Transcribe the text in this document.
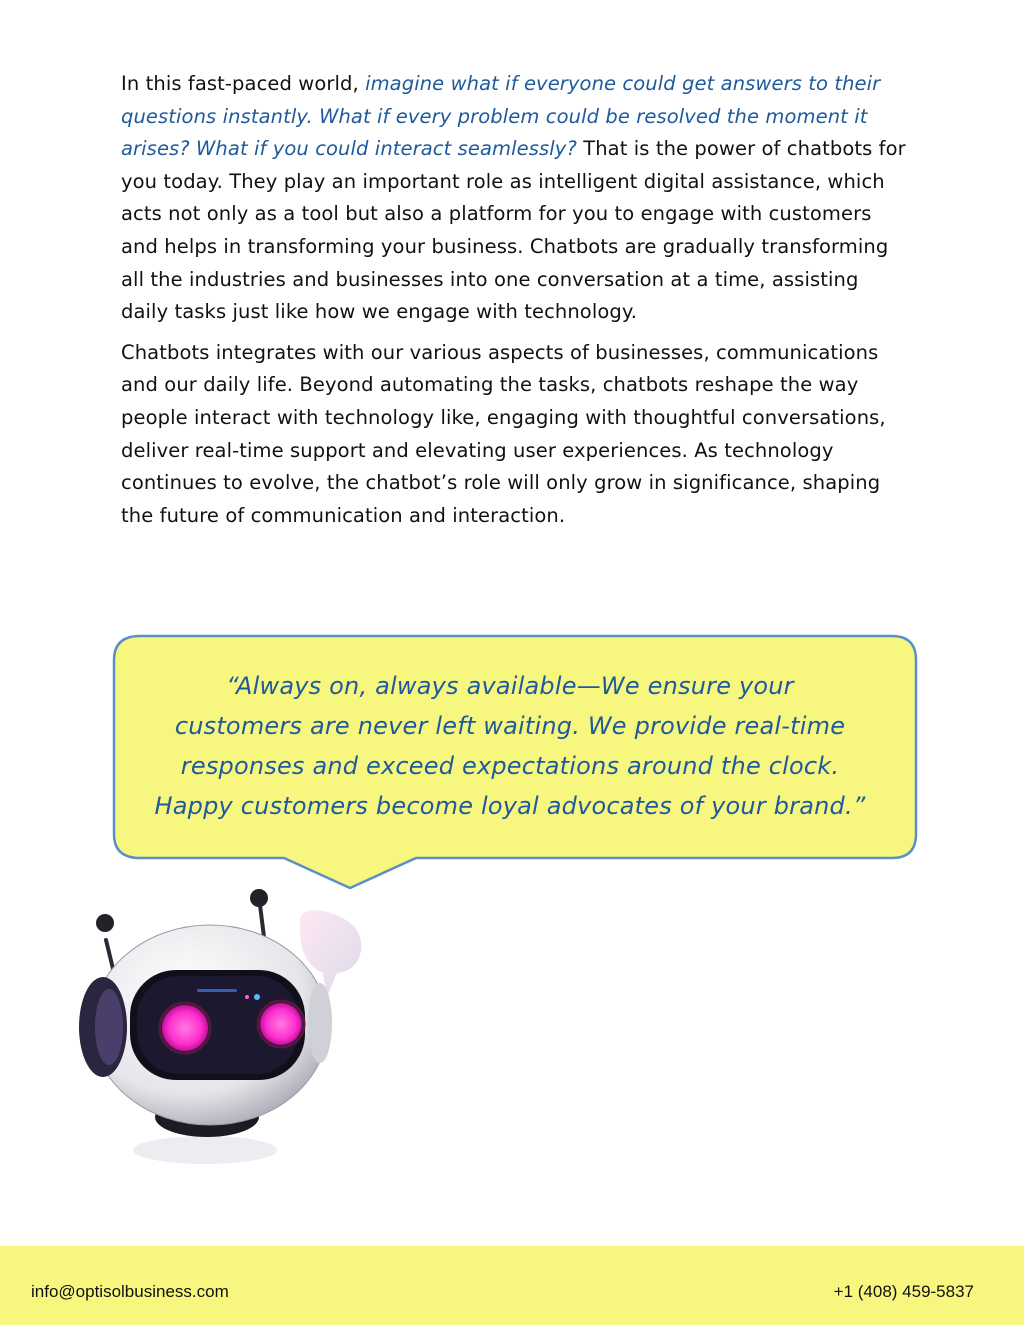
In this fast-paced world, imagine what if everyone could get answers to their questions instantly. What if every problem could be resolved the moment it arises? What if you could interact seamlessly? That is the power of chatbots for you today. They play an important role as intelligent digital assistance, which acts not only as a tool but also a platform for you to engage with customers and helps in transforming your business. Chatbots are gradually transforming all the industries and businesses into one conversation at a time, assisting daily tasks just like how we engage with technology.

Chatbots integrates with our various aspects of businesses, communications and our daily life. Beyond automating the tasks, chatbots reshape the way people interact with technology like, engaging with thoughtful conversations, deliver real-time support and elevating user experiences. As technology continues to evolve, the chatbot’s role will only grow in significance, shaping the future of communication and interaction.

“Always on, always available—We ensure your
customers are never left waiting. We provide real-time
responses and exceed expectations around the clock.
Happy customers become loyal advocates of your brand.”
info@optisolbusiness.com	+1 (408) 459-5837
